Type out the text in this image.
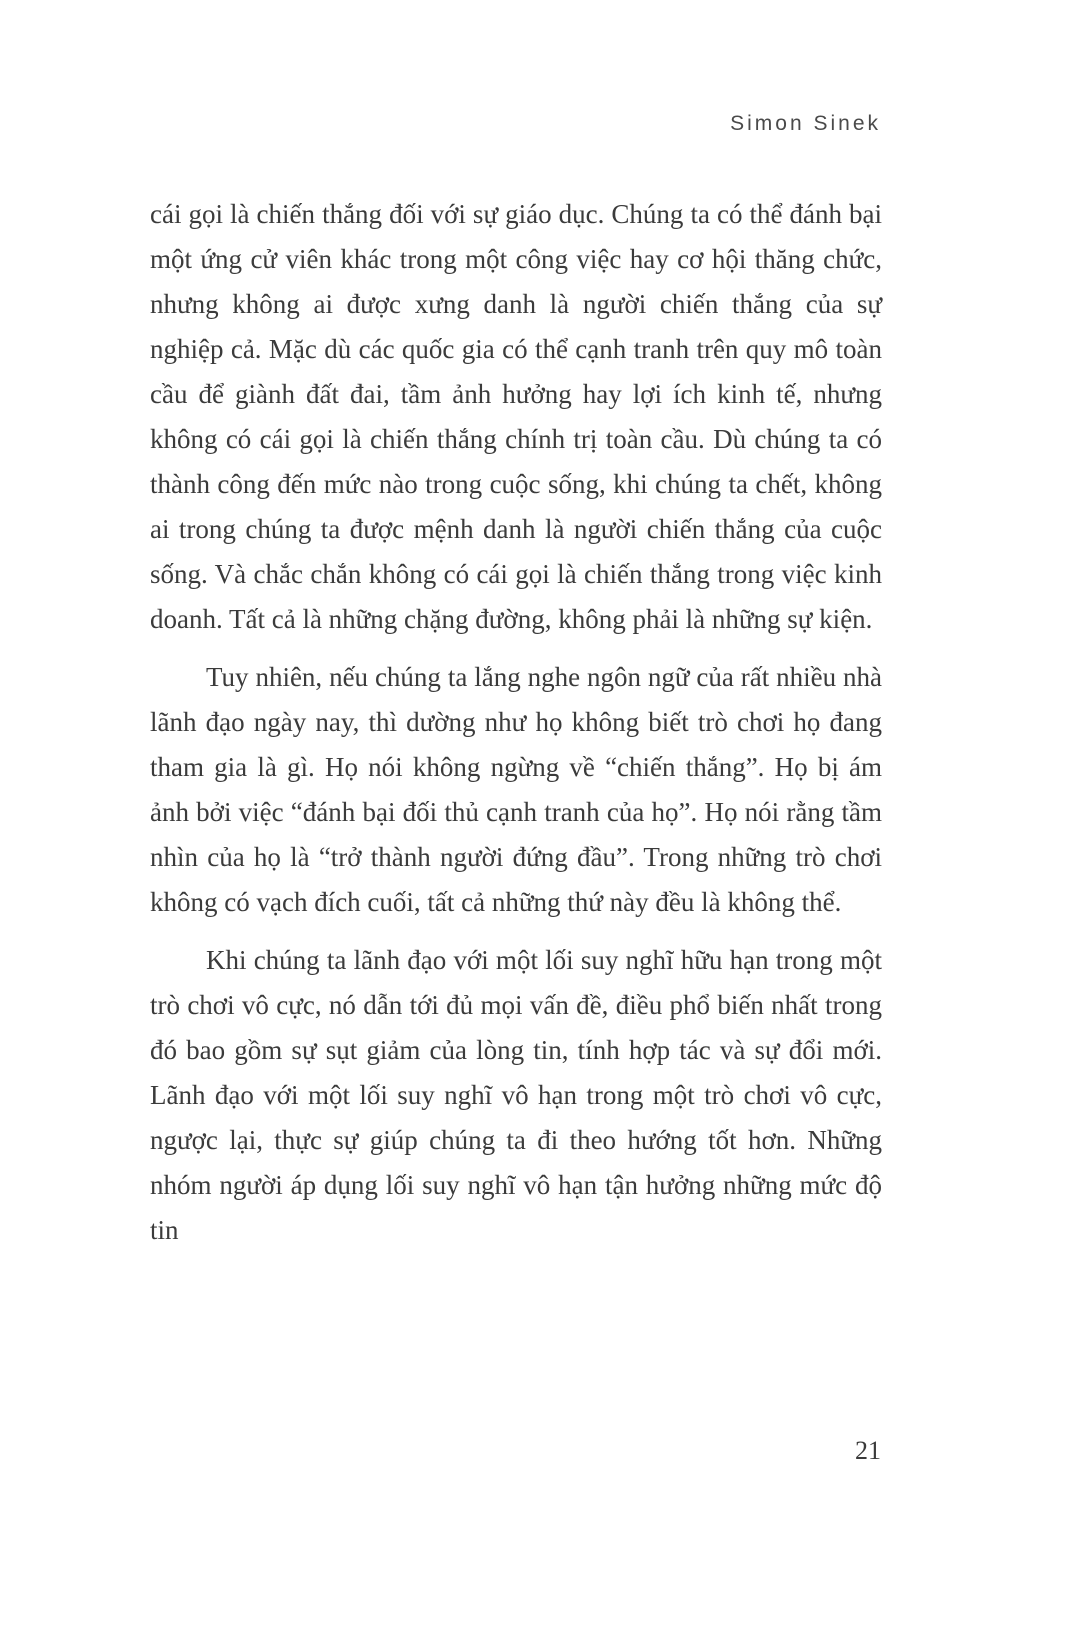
Simon Sinek

cái gọi là chiến thắng đối với sự giáo dục. Chúng ta có thể đánh bại một ứng cử viên khác trong một công việc hay cơ hội thăng chức, nhưng không ai được xưng danh là người chiến thắng của sự nghiệp cả. Mặc dù các quốc gia có thể cạnh tranh trên quy mô toàn cầu để giành đất đai, tầm ảnh hưởng hay lợi ích kinh tế, nhưng không có cái gọi là chiến thắng chính trị toàn cầu. Dù chúng ta có thành công đến mức nào trong cuộc sống, khi chúng ta chết, không ai trong chúng ta được mệnh danh là người chiến thắng của cuộc sống. Và chắc chắn không có cái gọi là chiến thắng trong việc kinh doanh. Tất cả là những chặng đường, không phải là những sự kiện.

Tuy nhiên, nếu chúng ta lắng nghe ngôn ngữ của rất nhiều nhà lãnh đạo ngày nay, thì dường như họ không biết trò chơi họ đang tham gia là gì. Họ nói không ngừng về “chiến thắng”. Họ bị ám ảnh bởi việc “đánh bại đối thủ cạnh tranh của họ”. Họ nói rằng tầm nhìn của họ là “trở thành người đứng đầu”. Trong những trò chơi không có vạch đích cuối, tất cả những thứ này đều là không thể.

Khi chúng ta lãnh đạo với một lối suy nghĩ hữu hạn trong một trò chơi vô cực, nó dẫn tới đủ mọi vấn đề, điều phổ biến nhất trong đó bao gồm sự sụt giảm của lòng tin, tính hợp tác và sự đổi mới. Lãnh đạo với một lối suy nghĩ vô hạn trong một trò chơi vô cực, ngược lại, thực sự giúp chúng ta đi theo hướng tốt hơn. Những nhóm người áp dụng lối suy nghĩ vô hạn tận hưởng những mức độ tin

21
